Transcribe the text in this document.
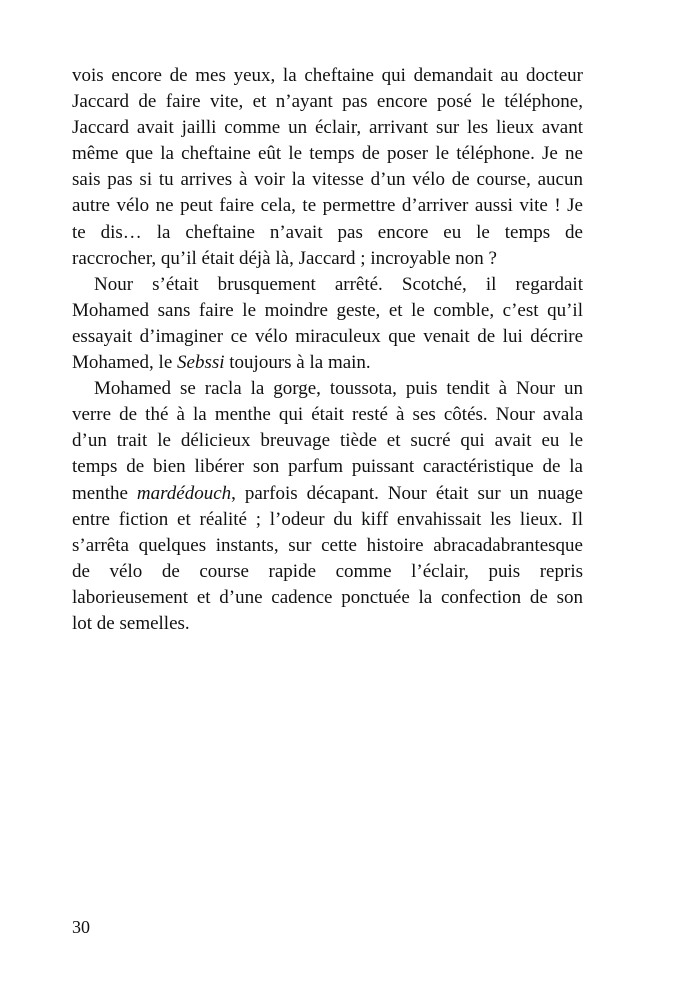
vois encore de mes yeux, la cheftaine qui demandait au docteur
Jaccard de faire vite, et n’ayant pas encore posé le téléphone,
Jaccard avait jailli comme un éclair, arrivant sur les lieux avant
même que la cheftaine eût le temps de poser le téléphone. Je ne
sais pas si tu arrives à voir la vitesse d’un vélo de course, aucun
autre vélo ne peut faire cela, te permettre d’arriver aussi vite ! Je
te dis… la cheftaine n’avait pas encore eu le temps de
raccrocher, qu’il était déjà là, Jaccard ; incroyable non ?
Nour s’était brusquement arrêté. Scotché, il regardait
Mohamed sans faire le moindre geste, et le comble, c’est qu’il
essayait d’imaginer ce vélo miraculeux que venait de lui décrire
Mohamed, le Sebssi toujours à la main.
Mohamed se racla la gorge, toussota, puis tendit à Nour un
verre de thé à la menthe qui était resté à ses côtés. Nour avala
d’un trait le délicieux breuvage tiède et sucré qui avait eu le
temps de bien libérer son parfum puissant caractéristique de la
menthe mardédouch, parfois décapant. Nour était sur un nuage
entre fiction et réalité ; l’odeur du kiff envahissait les lieux. Il
s’arrêta quelques instants, sur cette histoire abracadabrantesque
de vélo de course rapide comme l’éclair, puis repris
laborieusement et d’une cadence ponctuée la confection de son
lot de semelles.
30
